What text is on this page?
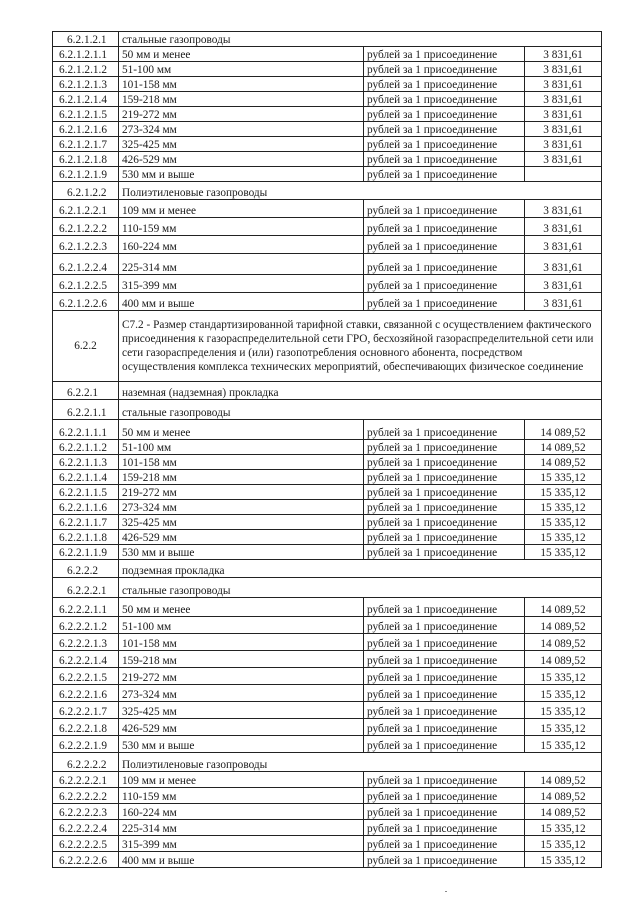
6.2.1.2.1	стальные газопроводы		
6.2.1.2.1.1	50 мм и менее	рублей за 1 присоединение	3 831,61
6.2.1.2.1.2	51-100 мм	рублей за 1 присоединение	3 831,61
6.2.1.2.1.3	101-158 мм	рублей за 1 присоединение	3 831,61
6.2.1.2.1.4	159-218 мм	рублей за 1 присоединение	3 831,61
6.2.1.2.1.5	219-272 мм	рублей за 1 присоединение	3 831,61
6.2.1.2.1.6	273-324 мм	рублей за 1 присоединение	3 831,61
6.2.1.2.1.7	325-425 мм	рублей за 1 присоединение	3 831,61
6.2.1.2.1.8	426-529 мм	рублей за 1 присоединение	3 831,61
6.2.1.2.1.9	530 мм и выше	рублей за 1 присоединение	
6.2.1.2.2	Полиэтиленовые газопроводы		
6.2.1.2.2.1	109 мм и менее	рублей за 1 присоединение	3 831,61
6.2.1.2.2.2	110-159 мм	рублей за 1 присоединение	3 831,61
6.2.1.2.2.3	160-224 мм	рублей за 1 присоединение	3 831,61
6.2.1.2.2.4	225-314 мм	рублей за 1 присоединение	3 831,61
6.2.1.2.2.5	315-399 мм	рублей за 1 присоединение	3 831,61
6.2.1.2.2.6	400 мм и выше	рублей за 1 присоединение	3 831,61
6.2.2	С7.2 - Размер стандартизированной тарифной ставки, связанной с осуществлением фактического присоединения к газораспределительной сети ГРО, бесхозяйной газораспределительной сети или сети газораспределения и (или) газопотребления основного абонента, посредством осуществления комплекса технических мероприятий, обеспечивающих физическое соединение		
6.2.2.1	наземная (надземная) прокладка		
6.2.2.1.1	стальные газопроводы		
6.2.2.1.1.1	50 мм и менее	рублей за 1 присоединение	14 089,52
6.2.2.1.1.2	51-100 мм	рублей за 1 присоединение	14 089,52
6.2.2.1.1.3	101-158 мм	рублей за 1 присоединение	14 089,52
6.2.2.1.1.4	159-218 мм	рублей за 1 присоединение	15 335,12
6.2.2.1.1.5	219-272 мм	рублей за 1 присоединение	15 335,12
6.2.2.1.1.6	273-324 мм	рублей за 1 присоединение	15 335,12
6.2.2.1.1.7	325-425 мм	рублей за 1 присоединение	15 335,12
6.2.2.1.1.8	426-529 мм	рублей за 1 присоединение	15 335,12
6.2.2.1.1.9	530 мм и выше	рублей за 1 присоединение	15 335,12
6.2.2.2	подземная прокладка		
6.2.2.2.1	стальные газопроводы		
6.2.2.2.1.1	50 мм и менее	рублей за 1 присоединение	14 089,52
6.2.2.2.1.2	51-100 мм	рублей за 1 присоединение	14 089,52
6.2.2.2.1.3	101-158 мм	рублей за 1 присоединение	14 089,52
6.2.2.2.1.4	159-218 мм	рублей за 1 присоединение	14 089,52
6.2.2.2.1.5	219-272 мм	рублей за 1 присоединение	15 335,12
6.2.2.2.1.6	273-324 мм	рублей за 1 присоединение	15 335,12
6.2.2.2.1.7	325-425 мм	рублей за 1 присоединение	15 335,12
6.2.2.2.1.8	426-529 мм	рублей за 1 присоединение	15 335,12
6.2.2.2.1.9	530 мм и выше	рублей за 1 присоединение	15 335,12
6.2.2.2.2	Полиэтиленовые газопроводы		
6.2.2.2.2.1	109 мм и менее	рублей за 1 присоединение	14 089,52
6.2.2.2.2.2	110-159 мм	рублей за 1 присоединение	14 089,52
6.2.2.2.2.3	160-224 мм	рублей за 1 присоединение	14 089,52
6.2.2.2.2.4	225-314 мм	рублей за 1 присоединение	15 335,12
6.2.2.2.2.5	315-399 мм	рублей за 1 присоединение	15 335,12
6.2.2.2.2.6	400 мм и выше	рублей за 1 присоединение	15 335,12
